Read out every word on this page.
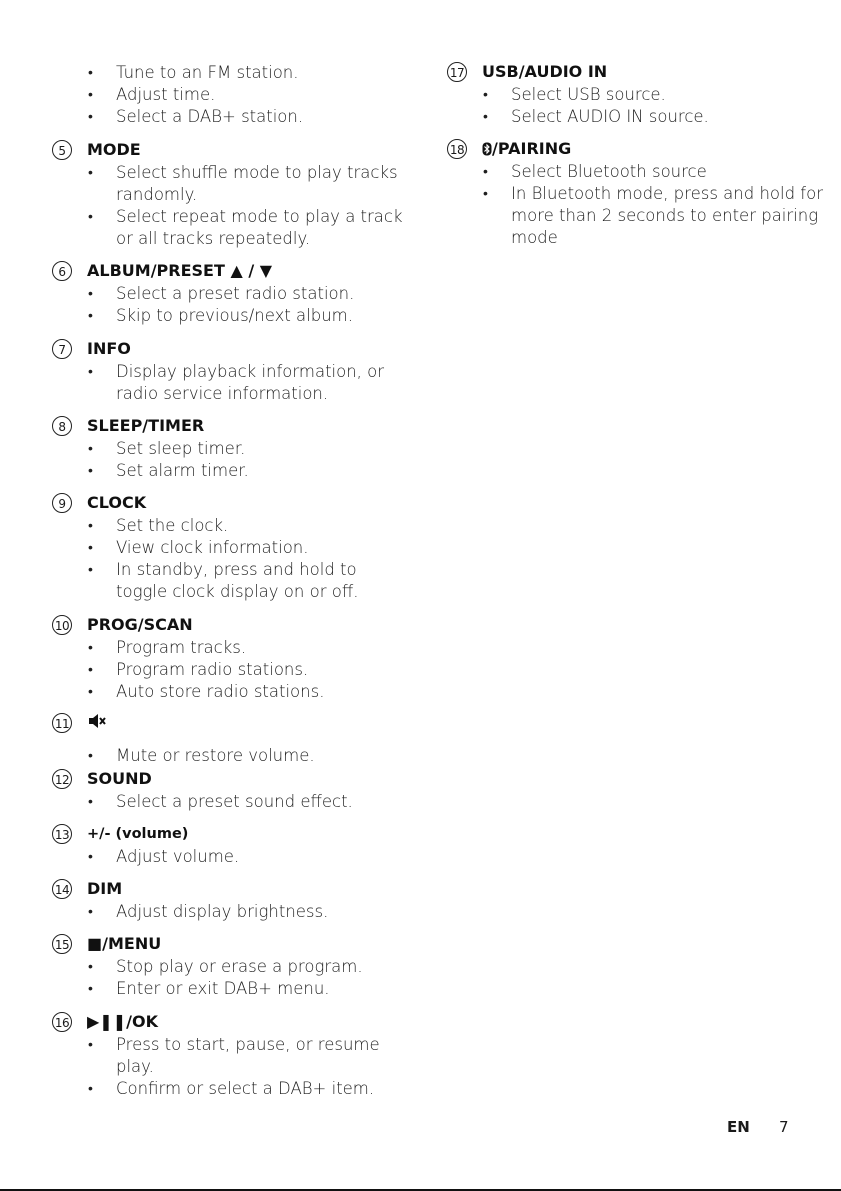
• Tune to an FM station.
• Adjust time.
• Select a DAB+ station.
5	MODE
• Select shuffle mode to play tracks randomly.
• Select repeat mode to play a track or all tracks repeatedly.
6	ALBUM/PRESET ▲ / ▼
• Select a preset radio station.
• Skip to previous/next album.
7	INFO
• Display playback information, or radio service information.
8	SLEEP/TIMER
• Set sleep timer.
• Set alarm timer.
9	CLOCK
• Set the clock.
• View clock information.
• In standby, press and hold to toggle clock display on or off.
10 PROG/SCAN
• Program tracks.
• Program radio stations.
• Auto store radio stations.
11
• Mute or restore volume.
12 SOUND
• Select a preset sound effect.
13 +/- (volume)
• Adjust volume.
14 DIM
• Adjust display brightness.
15 ■/MENU
• Stop play or erase a program.
• Enter or exit DAB+ menu.
16 ▶❚❚/OK
• Press to start, pause, or resume play.
• Confirm or select a DAB+ item.
17 USB/AUDIO IN
• Select USB source.
• Select AUDIO IN source.
18	/PAIRING
• Select Bluetooth source
• In Bluetooth mode, press and hold for more than 2 seconds to enter pairing mode
EN 7
